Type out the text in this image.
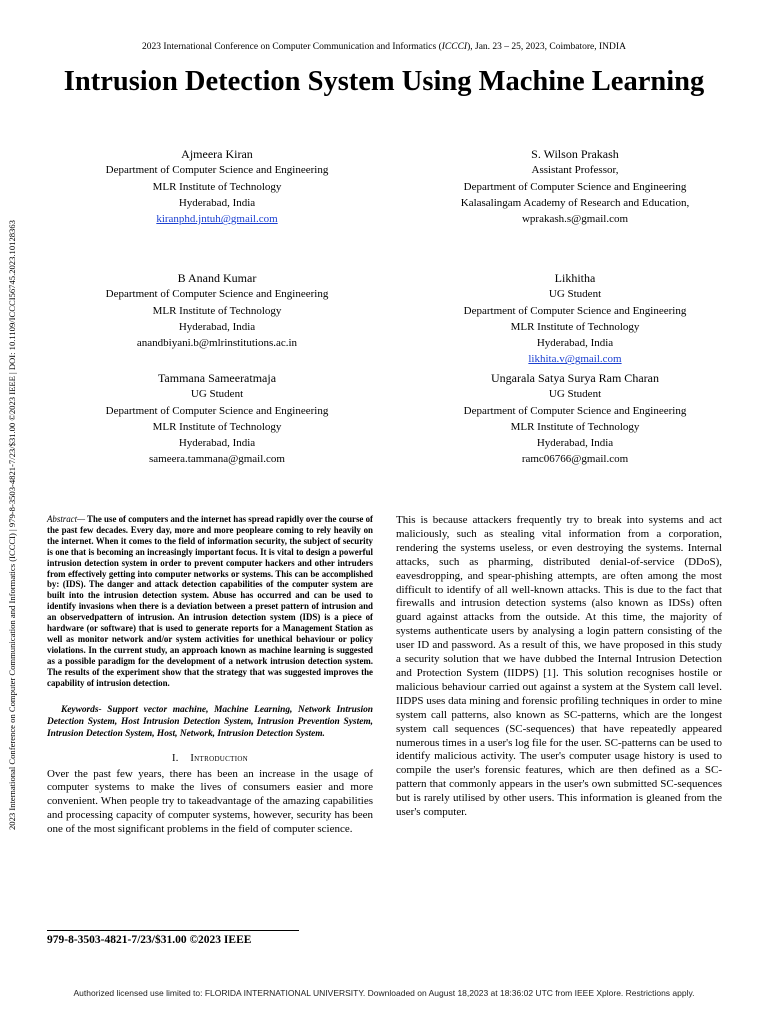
2023 International Conference on Computer Communication and Informatics (ICCCI), Jan. 23 – 25, 2023, Coimbatore, INDIA
Intrusion Detection System Using Machine Learning
2023 International Conference on Computer Communication and Informatics (ICCCI) | 979-8-3503-4821-7/23/$31.00 ©2023 IEEE | DOI: 10.1109/ICCCI56745.2023.10128363
Ajmeera Kiran
Department of Computer Science and Engineering
MLR Institute of Technology
Hyderabad, India
kiranphd.jntuh@gmail.com
S. Wilson Prakash
Assistant Professor,
Department of Computer Science and Engineering
Kalasalingam Academy of Research and Education,
wprakash.s@gmail.com
B Anand Kumar
Department of Computer Science and Engineering
MLR Institute of Technology
Hyderabad, India
anandbiyani.b@mlrinstitutions.ac.in
Likhitha
UG Student
Department of Computer Science and Engineering
MLR Institute of Technology
Hyderabad, India
likhita.v@gmail.com
Tammana Sameeratmaja
UG Student
Department of Computer Science and Engineering
MLR Institute of Technology
Hyderabad, India
sameera.tammana@gmail.com
Ungarala Satya Surya Ram Charan
UG Student
Department of Computer Science and Engineering
MLR Institute of Technology
Hyderabad, India
ramc06766@gmail.com
Abstract— The use of computers and the internet has spread rapidly over the course of the past few decades. Every day, more and more peopleare coming to rely heavily on the internet. When it comes to the field of information security, the subject of security is one that is becoming an increasingly important focus. It is vital to design a powerful intrusion detection system in order to prevent computer hackers and other intruders from effectively getting into computer networks or systems. This can be accomplished by: (IDS). The danger and attack detection capabilities of the computer system are built into the intrusion detection system. Abuse has occurred and can be used to identify invasions when there is a deviation between a preset pattern of intrusion and an observedpattern of intrusion. An intrusion detection system (IDS) is a piece of hardware (or software) that is used to generate reports for a Management Station as well as monitor network and/or system activities for unethical behaviour or policy violations. In the current study, an approach known as machine learning is suggested as a possible paradigm for the development of a network intrusion detection system. The results of the experiment show that the strategy that was suggested improves the capability of intrusion detection.
Keywords- Support vector machine, Machine Learning, Network Intrusion Detection System, Host Intrusion Detection System, Intrusion Prevention System, Intrusion Detection System, Host, Network, Intrusion Detection System.
I. Introduction
Over the past few years, there has been an increase in the usage of computer systems to make the lives of consumers easier and more convenient. When people try to takeadvantage of the amazing capabilities and processing capacity of computer systems, however, security has been one of the most significant problems in the field of computer science.
This is because attackers frequently try to break into systems and act maliciously, such as stealing vital information from a corporation, rendering the systems useless, or even destroying the systems. Internal attacks, such as pharming, distributed denial-of-service (DDoS), eavesdropping, and spear-phishing attempts, are often among the most difficult to identify of all well-known attacks. This is due to the fact that firewalls and intrusion detection systems (also known as IDSs) often guard against attacks from the outside. At this time, the majority of systems authenticate users by analysing a login pattern consisting of the user ID and password. As a result of this, we have proposed in this study a security solution that we have dubbed the Internal Intrusion Detection and Protection System (IIDPS) [1]. This solution recognises hostile or malicious behaviour carried out against a system at the System call level. IIDPS uses data mining and forensic profiling techniques in order to mine system call patterns, also known as SC-patterns, which are the longest system call sequences (SC-sequences) that have repeatedly appeared numerous times in a user's log file for the user. SC-patterns can be used to identify malicious activity. The user's computer usage history is used to compile the user's forensic features, which are then defined as a SC-pattern that commonly appears in the user's own submitted SC-sequences but is rarely utilised by other users. This information is gleaned from the user's computer.
979-8-3503-4821-7/23/$31.00 ©2023 IEEE
Authorized licensed use limited to: FLORIDA INTERNATIONAL UNIVERSITY. Downloaded on August 18,2023 at 18:36:02 UTC from IEEE Xplore. Restrictions apply.
